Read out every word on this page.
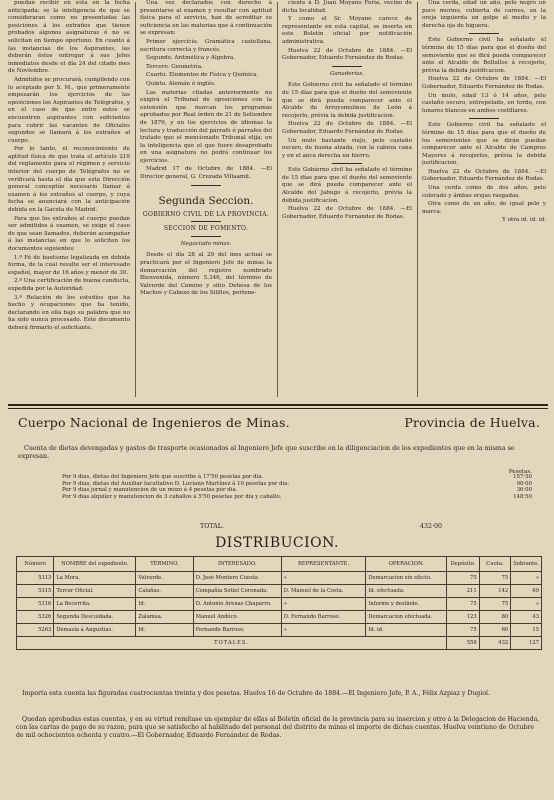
puedan recibir en esta en la fecha anticipada; se la inteligencia de que se consideraran como no presentadas las posiciones á los extraños que tienen probados algunos asignaturas ó no se solicitan en tiempo oportuno. En cuanto á las instancias de los Aspirantes, las deberán éstos entregar á sus Jefes inmediatos desde el día 24 del citado mes de Noviembre.

Admitidos se procurará, cumpliendo con lo aceptado por S. M., que primeramente empezarán los ejercicios de las oposiciones los Aspirantes de Telégrafos, y en el caso de que entre estos se encuentren aspirantes con suficientes para cubrir las vacantes de Oficiales segundos se llamará á los extraños al cuerpo.

Por lo tanto, el reconocimiento de aptitud física de que trata el artículo 219 del reglamento para el régimen y servicio interior del cuerpo de Telégrafos no se verificará hasta el día que esta Dirección general conceptúe necesario llamar á examen á los extraños al cuerpo, y cuya fecha se anunciará con la anticipación debida en la Gaceta de Madrid.

Para que los extraños al cuerpo puedan ser admitidos á examen, se exige el caso de que sean llamados, deberán acompañar á las instancias en que lo soliciten los documentos siguientes:

1.º Fé de bautismo legalizada en debida forma, de la cual resulte ser el interesado español, mayor de 16 años y menor de 30.

2.º Una certificación de buena conducta, expedida por la Autoridad.

3.º Relación de los estudios que ha hecho y ocupaciones que ha tenido, declarando en ella bajo su palabra que no ha sido nunca procesado. Este documento deberá firmarlo el solicitante.

Una vez declarados con derecho á presentarse al examen y resultar con aptitud física para el servicio, han de acreditar su suficiencia en las materias que á continuación se expresan:

Primer ejercicio. Gramática castellana, escritura correcta y francés.

Segundo. Aritmética y Álgebra.

Tercero. Geometría.

Cuarto. Elementos de Física y Química.

Quinto. Alemán ó inglés.

Las materias citadas anteriormente no exigirá el Tribunal de oposiciones con la extensión que marcan los programas aprobados por Real órden de 21 de Setiembre de 1876, y en los ejercicios de idiomas la lectura y traducción del párrafo ó párrafos del tratado que el mencionado Tribunal elija; en la inteligencia que el que fuere desaprobado en una asignatura no podrá continuar los ejercicios.

Madrid 17 de Octubre de 1884. —El Director general, G. Cruzada Villaamil.

Segunda Seccion.

GOBIERNO CIVIL DE LA PROVINCIA.

SECCION DE FOMENTO.

Negociado minas.

Desde el día 28 al 29 del mes actual se practicará por el Ingeniero Jefe de minas la demarcación del registro nombrado Bienvenida, número 5.346, del término de Valverde del Camino y sitio Dehesa de los Machos y Cabezo de los Silillos, pertene-

ciente á D. Juan Moyano Feria, vecino de dicha localidad.

Y como el Sr. Moyano carece de representante en esta capital, se inserta en este Boletín oficial por notificación administrativa.

Huelva 22 de Octubre de 1884. —El Gobernador, Eduardo Fernández de Rodas.

Ganaderías.

Este Gobierno civil ha señalado el término de 15 días para que el dueño del semoviente que se dirá pueda comparecer ante el Alcalde de Arroyomolinos de León á recojerlo, prévia la debida justificacion.

Huelva 22 de Octubre de 1884. —El Gobernador, Eduardo Fernández de Rodas.

Un mulo bastante viejo, pelo castaño oscuro, de buena alzada, con la cabeza cana y en el anca derecha un hierro.

Este Gobierno civil ha señalado el término de 15 días para que el dueño del semoviente que se dirá pueda comparecer ante el Alcalde del Jabugo á recojerlo, prévia la debida justificacion.

Huelva 22 de Octubre de 1884. —El Gobernador, Eduardo Fernández de Rodas.

Una cerda, edad un año, pelo negro un poco merino, cubierta de carnes, en la oreja izquierda un golpe al medio y la derecha oja de higuera.

Este Gobierno civil ha señalado el término de 15 días para que el dueño del semoviente que se dirá pueda comparecer ante el Alcalde de Bollullos á recojerlo, prévia la debida justificacion.

Huelva 22 de Octubre de 1884. —El Gobernador, Eduardo Fernández de Rodas.

Un mulo, edad 13 ó 14 años, pelo castaño oscuro, entrepelado, en tordo, con lunares blancos en ambos costillares.

Este Gobierno civil ha señalado el término de 15 días para que el dueño de los semovientes que se dirán puedan comparecer ante el Alcalde de Campres Mayores á recojerlos, prévia la debida justificacion.

Huelva 22 de Octubre de 1884. —El Gobernador, Eduardo Fernández de Rodas.

Una cerda como de dos años, pelo colorado y ámbas orejas rasgadas.

Otra como de un año, de igual pelo y marca.

Y otra id. id. id.

Cuerpo Nacional de Ingenieros de Minas.	Provincia de Huelva.
Cuenta de dietas devengadas y gastos de trasporte ocasionados al Ingeniero Jefe que suscribe en la diligenciacion de los expedientes que en la misma se expresan.
Pesetas.
Por 9 dias, dietas del Ingeniero Jefe que suscribe á 17'50 pesetas por dia.	157·50
Por 9 dias, dietas del Auxiliar facultativo D. Luciano Martínez á 10 pesetas por dia.	90·00
Por 9 dias jornal y manutencion de un mozo á 4 pesetas por dia.	36·00
Por 9 dias alquiler y manutencion de 3 caballos á 5'50 pesetas por dia y caballo.	148·50
TOTAL.	432·00
DISTRIBUCION.
Número	NOMBRE del expediente.	TÉRMINO.	INTERESADO.	REPRESENTANTE.	OPERACION.	Depósito.	Cuota.	Sobrante.
5313	La Mora.	Valverde.	D. José Montero Cuesta	»	Demarcacion sin efecto.	75	75	»
5315	Tercer Oficial.	Calañas.	Compañía Sotiel Coronada.	D. Manuel de la Costa.	Id. efectuada.	211	142	69
5316	La Becerrita.	Id.	D. Antonio Arenas Chaparro.	»	Informe y deslinde.	75	75	»
5326	Segunda Descuidada.	Zalamea.	Manuel Andéco.	D. Fernando Barroso.	Demarcacion efectuada.	123	80	43
5263	Demasía á Angustias.	Id.	Fernando Barroso.	»	Id. id.	75	60	15
TOTALES.						559	432	127
Importa esta cuenta las figuradas cuatrocientas treinta y dos pesetas. Huelva 16 de Octubre de 1884.—El Ingeniero Jefe, P. A., Félix Azpiaz y Dugiol.
Quedan aprobadas estas cuentas, y en su virtud remítase un ejemplar de ellas al Boletín oficial de la provincia para su insercion y otro á la Delegacion de Hacienda, con las cartas de pago de su razon, para que se satisfecho al habilitado del personal del distrito de minas el importe de dichas cuentas. Huelva veintiuno de Octubre de mil ochocientos ochenta y cuatro.—El Gobernador, Eduardo Fernández de Rodas.
